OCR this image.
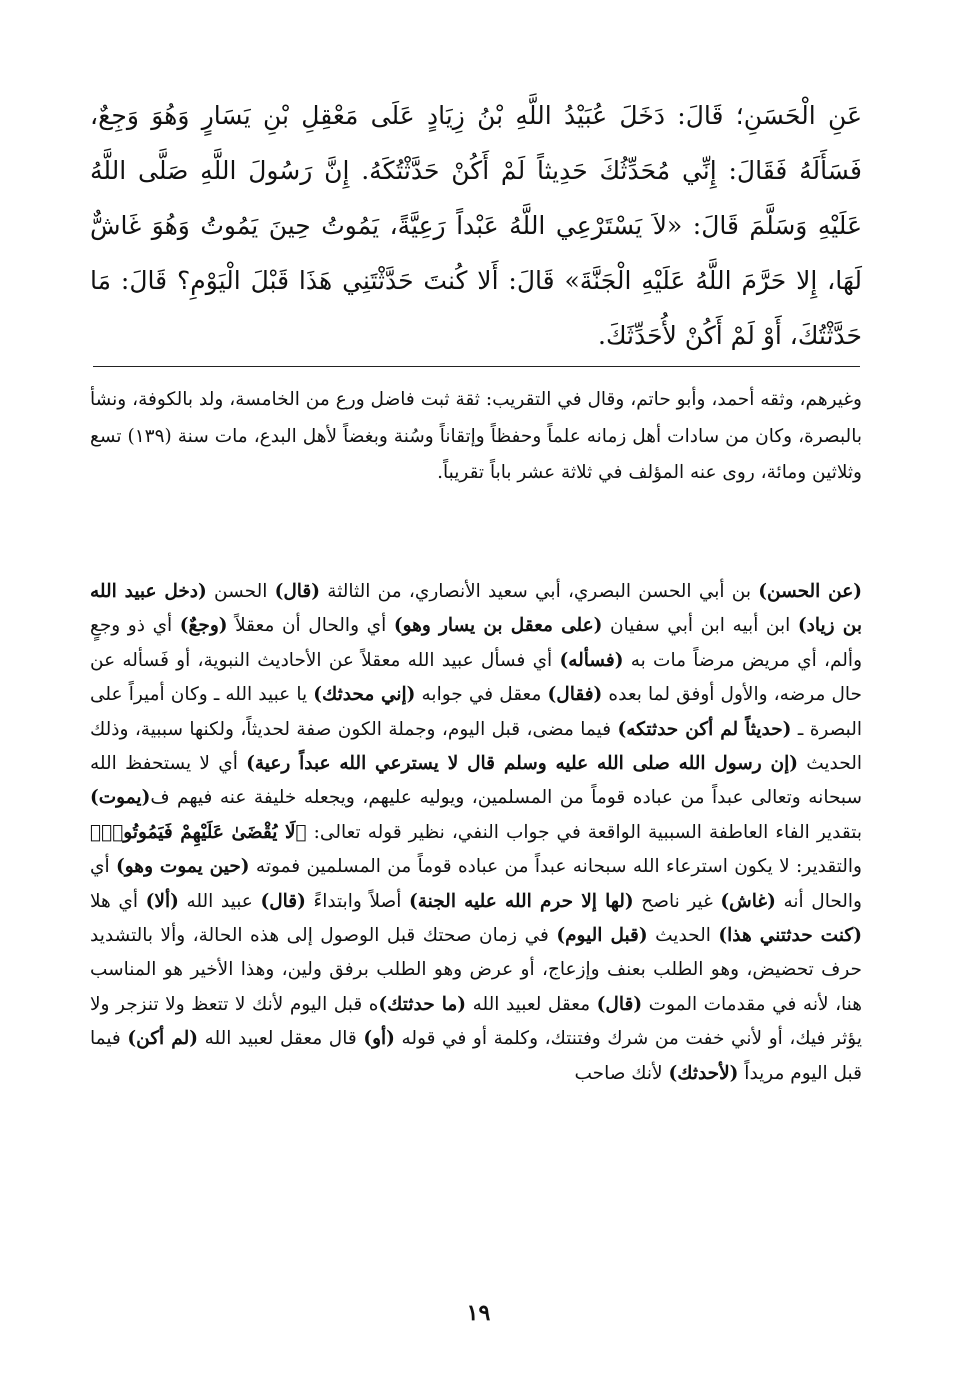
عَنِ الْحَسَنِ؛ قَالَ: دَخَلَ عُبَيْدُ اللَّهِ بْنُ زِيَادٍ عَلَى مَعْقِلِ بْنِ يَسَارٍ وَهُوَ وَجِعٌ، فَسَأَلَهُ فَقَالَ: إِنِّي مُحَدِّثُكَ حَدِيثاً لَمْ أَكُنْ حَدَّثْتُكَهُ. إِنَّ رَسُولَ اللَّهِ صَلَّى اللَّهُ عَلَيْهِ وَسَلَّمَ قَالَ: «لاَ يَسْتَرْعِي اللَّهُ عَبْداً رَعِيَّةً، يَمُوتُ حِينَ يَمُوتُ وَهُوَ غَاشٌّ لَهَا، إِلا حَرَّمَ اللَّهُ عَلَيْهِ الْجَنَّةَ» قَالَ: أَلا كُنتَ حَدَّثْتَنِي هَذَا قَبْلَ الْيَوْمِ؟ قَالَ: مَا حَدَّثْتُكَ، أَوْ لَمْ أَكُنْ لأُحَدِّثَكَ.

وغيرهم، وثقه أحمد، وأبو حاتم، وقال في التقريب: ثقة ثبت فاضل ورع من الخامسة، ولد بالكوفة، ونشأ بالبصرة، وكان من سادات أهل زمانه علماً وحفظاً وإتقاناً وسُنة وبغضاً لأهل البدع، مات سنة (١٣٩) تسع وثلاثين ومائة، روى عنه المؤلف في ثلاثة عشر باباً تقريباً.

(عن الحسن) بن أبي الحسن البصري، أبي سعيد الأنصاري، من الثالثة (قال) الحسن (دخل عبيد الله بن زياد) ابن أبيه ابن أبي سفيان (على معقل بن يسار وهو) أي والحال أن معقلاً (وجعٌ) أي ذو وجعٍ وألم، أي مريض مرضاً مات به (فسأله) أي فسأل عبيد الله معقلاً عن الأحاديث النبوية، أو فَسأله عن حال مرضه، والأول أوفق لما بعده (فقال) معقل في جوابه (إني محدثك) يا عبيد الله ـ وكان أميراً على البصرة ـ (حديثاً لم أكن حدثتكه) فيما مضى، قبل اليوم، وجملة الكون صفة لحديثاً، ولكنها سببية، وذلك الحديث (إن رسول الله صلى الله عليه وسلم قال لا يسترعي الله عبداً رعية) أي لا يستحفظ الله سبحانه وتعالى عبداً من عباده قوماً من المسلمين، ويوليه عليهم، ويجعله خليفة عنه فيهم ف(يموت) بتقدير الفاء العاطفة السببية الواقعة في جواب النفي، نظير قوله تعالى: ﴿لَا يُقْضَىٰ عَلَيْهِمْ فَيَمُوتُوا۟﴾ والتقدير: لا يكون استرعاء الله سبحانه عبداً من عباده قوماً من المسلمين فموته (حين يموت وهو) أي والحال أنه (غاش) غير ناصح (لها إلا حرم الله عليه الجنة) أصلاً وابتداءً (قال) عبيد الله (ألا) أي هلا (كنت حدثتني هذا) الحديث (قبل اليوم) في زمان صحتك قبل الوصول إلى هذه الحالة، وألا بالتشديد حرف تحضيض، وهو الطلب بعنف وإزعاج، أو عرض وهو الطلب برفق ولين، وهذا الأخير هو المناسب هنا، لأنه في مقدمات الموت (قال) معقل لعبيد الله (ما حدثتك)ه قبل اليوم لأنك لا تتعظ ولا تنزجر ولا يؤثر فيك، أو لأني خفت من شرك وفتنتك، وكلمة أو في قوله (أو) قال معقل لعبيد الله (لم أكن) فيما قبل اليوم مريداً (لأحدثك) لأنك صاحب

١٩
